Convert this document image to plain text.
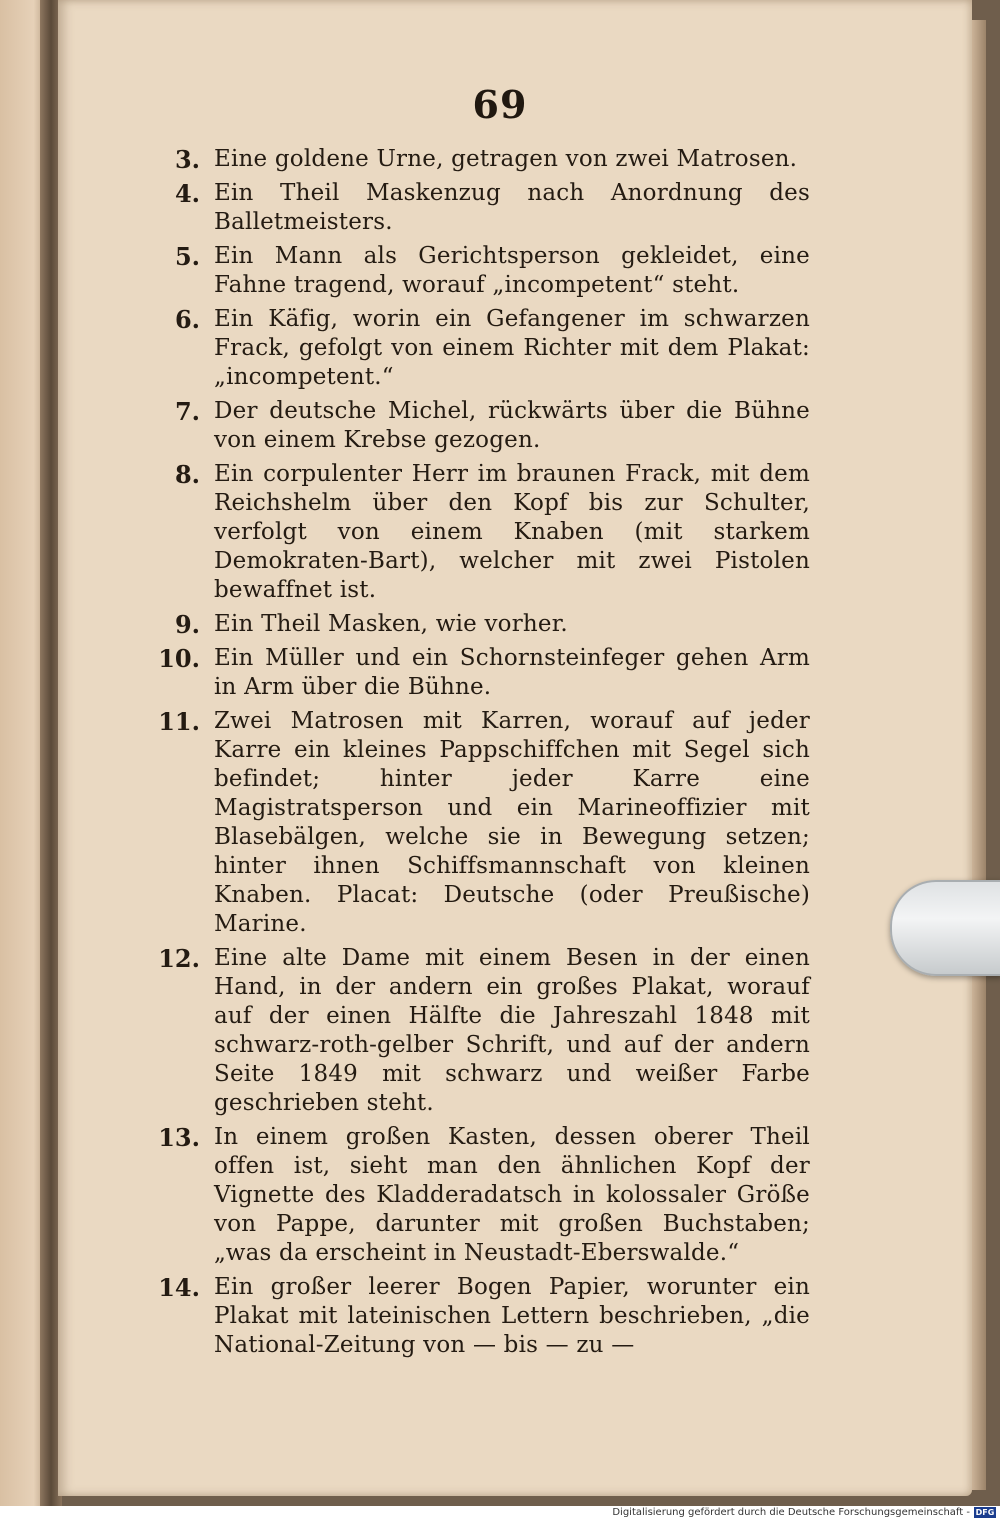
69
3. Eine goldene Urne, getragen von zwei Matrosen.
4. Ein Theil Maskenzug nach Anordnung des Balletmeisters.
5. Ein Mann als Gerichtsperson gekleidet, eine Fahne tragend, worauf „incompetent“ steht.
6. Ein Käfig, worin ein Gefangener im schwarzen Frack, gefolgt von einem Richter mit dem Plakat: „incompetent.“
7. Der deutsche Michel, rückwärts über die Bühne von einem Krebse gezogen.
8. Ein corpulenter Herr im braunen Frack, mit dem Reichshelm über den Kopf bis zur Schulter, verfolgt von einem Knaben (mit starkem Demokraten-Bart), welcher mit zwei Pistolen bewaffnet ist.
9. Ein Theil Masken, wie vorher.
10. Ein Müller und ein Schornsteinfeger gehen Arm in Arm über die Bühne.
11. Zwei Matrosen mit Karren, worauf auf jeder Karre ein kleines Pappschiffchen mit Segel sich befindet; hinter jeder Karre eine Magistratsperson und ein Marineoffizier mit Blasebälgen, welche sie in Bewegung setzen; hinter ihnen Schiffsmannschaft von kleinen Knaben. Placat: Deutsche (oder Preußische) Marine.
12. Eine alte Dame mit einem Besen in der einen Hand, in der andern ein großes Plakat, worauf auf der einen Hälfte die Jahreszahl 1848 mit schwarz-roth-gelber Schrift, und auf der andern Seite 1849 mit schwarz und weißer Farbe geschrieben steht.
13. In einem großen Kasten, dessen oberer Theil offen ist, sieht man den ähnlichen Kopf der Vignette des Kladderadatsch in kolossaler Größe von Pappe, darunter mit großen Buchstaben; „was da erscheint in Neustadt-Eberswalde.“
14. Ein großer leerer Bogen Papier, worunter ein Plakat mit lateinischen Lettern beschrieben, „die National-Zeitung von — bis — zu —
Digitalisierung gefördert durch die Deutsche Forschungsgemeinschaft - DFG
